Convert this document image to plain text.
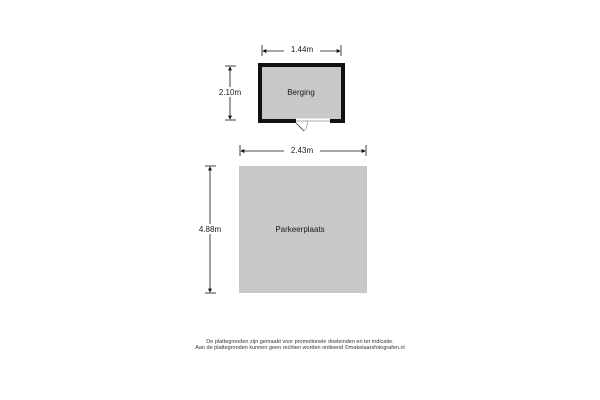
Berging
1.44m
2.10m
Parkeerplaats
2.43m
4.88m
De plattegronden zijn gemaakt voor promotionele doeleinden en ter indicatie.
Aan de plattegronden kunnen geen rechten worden ontleend ©makelaarsfotografen.nl
